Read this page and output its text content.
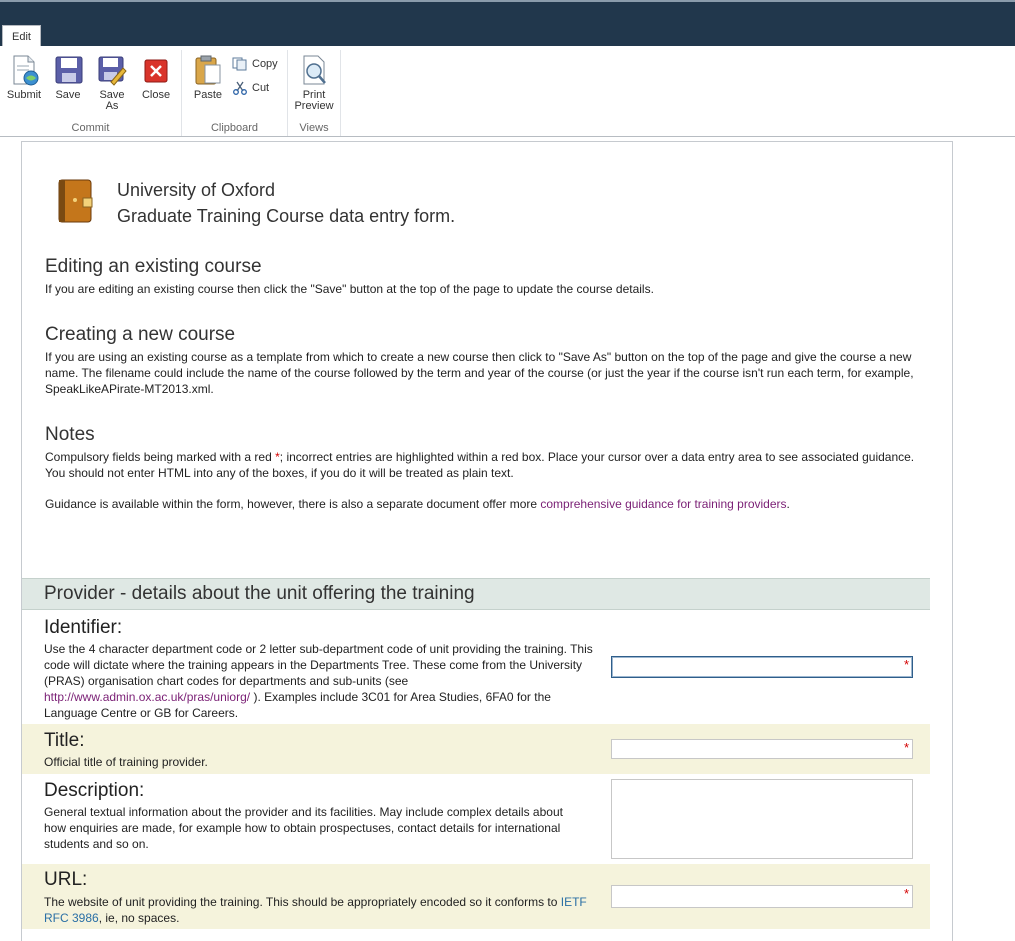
Edit
Submit Save	Save
As
Close
Commit
Paste
Copy
Cut
Clipboard
Print
Preview
Views
University of Oxford
Graduate Training Course data entry form.
Editing an existing course

If you are editing an existing course then click the "Save" button at the top of the page to update the course details.

Creating a new course

If you are using an existing course as a template from which to create a new course then click to "Save As" button on the top of the page and give the course a new name. The filename could include the name of the course followed by the term and year of the course (or just the year if the course isn't run each term, for example, SpeakLikeAPirate-MT2013.xml.

Notes

Compulsory fields being marked with a red *; incorrect entries are highlighted within a red box. Place your cursor over a data entry area to see associated guidance. You should not enter HTML into any of the boxes, if you do it will be treated as plain text.

Guidance is available within the form, however, there is also a separate document offer more comprehensive guidance for training providers.

Provider - details about the unit offering the training
Identifier:
Use the 4 character department code or 2 letter sub-department code of unit providing the training. This code will dictate where the training appears in the Departments Tree. These come from the University (PRAS) organisation chart codes for departments and sub-units (see http://www.admin.ox.ac.uk/pras/uniorg/ ). Examples include 3C01 for Area Studies, 6FA0 for the Language Centre or GB for Careers.
*
Title:
Official title of training provider.
*
Description:
General textual information about the provider and its facilities. May include complex details about how enquiries are made, for example how to obtain prospectuses, contact details for international students and so on.
URL:
The website of unit providing the training. This should be appropriately encoded so it conforms to IETF RFC 3986, ie, no spaces.
*
